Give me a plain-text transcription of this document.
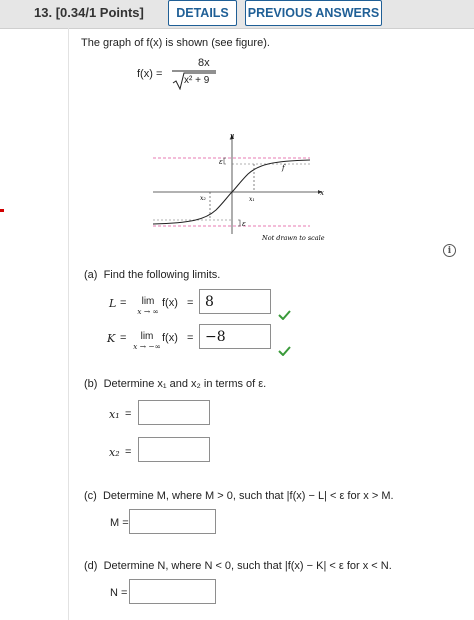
13. [0.34/1 Points]	DETAILS	PREVIOUS ANSWERS
The graph of f(x) is shown (see figure).
f(x) =
8x
x² + 9
y
x
ε
ε
f
x₁
x₂
Not drawn to scale
i
(a) Find the following limits.
L =	lim
x → ∞
f(x) = 8
K =	lim
x → −∞
f(x) = −8
(b) Determine x₁ and x₂ in terms of ε.
x₁ =
x₂ =
(c) Determine M, where M > 0, such that |f(x) − L| < ε for x > M.
M =
(d) Determine N, where N < 0, such that |f(x) − K| < ε for x < N.
N =
